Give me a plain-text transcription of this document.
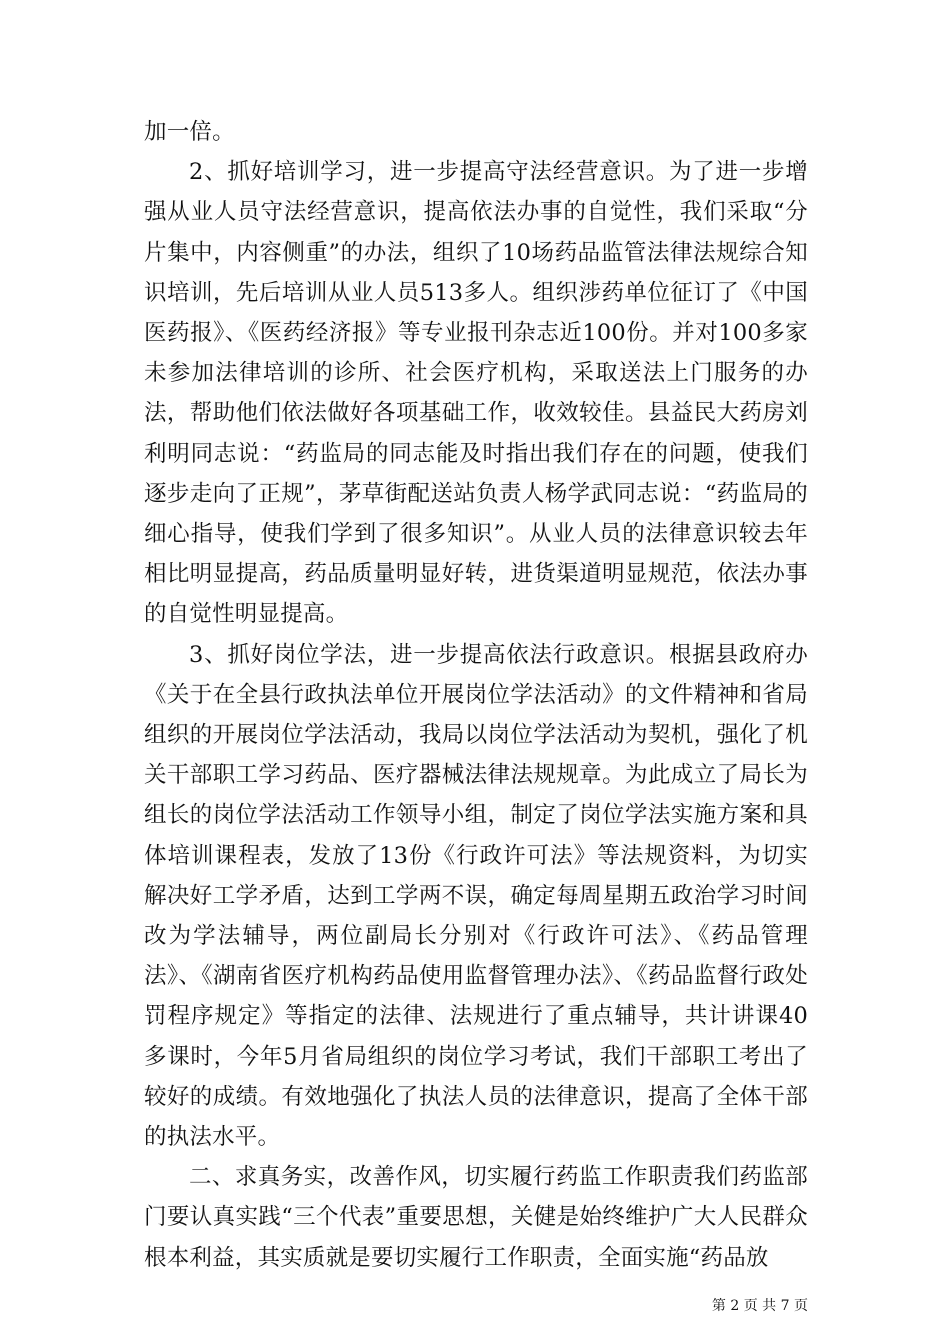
加一倍。

2、抓好培训学习，进一步提高守法经营意识。为了进一步增强从业人员守法经营意识，提高依法办事的自觉性，我们采取“分片集中，内容侧重”的办法，组织了10场药品监管法律法规综合知识培训，先后培训从业人员513多人。组织涉药单位征订了《中国医药报》、《医药经济报》等专业报刊杂志近100份。并对100多家未参加法律培训的诊所、社会医疗机构，采取送法上门服务的办法，帮助他们依法做好各项基础工作，收效较佳。县益民大药房刘利明同志说：“药监局的同志能及时指出我们存在的问题，使我们逐步走向了正规”，茅草街配送站负责人杨学武同志说：“药监局的细心指导，使我们学到了很多知识”。从业人员的法律意识较去年相比明显提高，药品质量明显好转，进货渠道明显规范，依法办事的自觉性明显提高。

3、抓好岗位学法，进一步提高依法行政意识。根据县政府办《关于在全县行政执法单位开展岗位学法活动》的文件精神和省局组织的开展岗位学法活动，我局以岗位学法活动为契机，强化了机关干部职工学习药品、医疗器械法律法规规章。为此成立了局长为组长的岗位学法活动工作领导小组，制定了岗位学法实施方案和具体培训课程表，发放了13份《行政许可法》等法规资料，为切实解决好工学矛盾，达到工学两不误，确定每周星期五政治学习时间改为学法辅导，两位副局长分别对《行政许可法》、《药品管理法》、《湖南省医疗机构药品使用监督管理办法》、《药品监督行政处罚程序规定》等指定的法律、法规进行了重点辅导，共计讲课40多课时，今年5月省局组织的岗位学习考试，我们干部职工考出了较好的成绩。有效地强化了执法人员的法律意识，提高了全体干部的执法水平。

二、求真务实，改善作风，切实履行药监工作职责我们药监部门要认真实践“三个代表”重要思想，关健是始终维护广大人民群众根本利益，其实质就是要切实履行工作职责，全面实施“药品放

第 2 页 共 7 页
